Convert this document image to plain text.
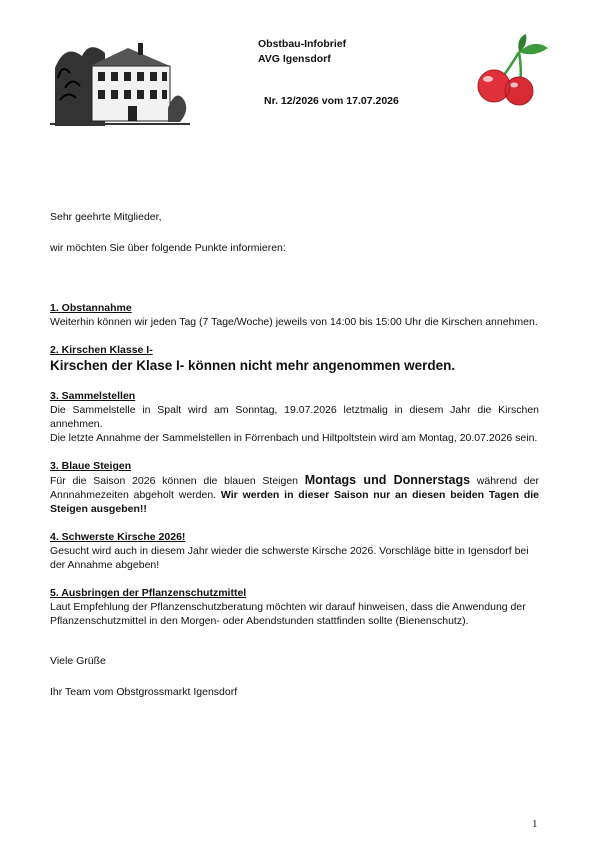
Obstbau-Infobrief
AVG Igensdorf
Nr. 12/2026 vom 17.07.2026

Sehr geehrte Mitglieder,

wir möchten Sie über folgende Punkte informieren:

1. Obstannahme

Weiterhin können wir jeden Tag (7 Tage/Woche) jeweils von 14:00 bis 15:00 Uhr die Kirschen annehmen.

2. Kirschen Klasse I-

Kirschen der Klase I- können nicht mehr angenommen werden.

3. Sammelstellen

Die Sammelstelle in Spalt wird am Sonntag, 19.07.2026 letztmalig in diesem Jahr die Kirschen annehmen.

Die letzte Annahme der Sammelstellen in Förrenbach und Hiltpoltstein wird am Montag, 20.07.2026 sein.

3. Blaue Steigen

Für die Saison 2026 können die blauen Steigen Montags und Donnerstags während der Annnahmezeiten abgeholt werden. Wir werden in dieser Saison nur an diesen beiden Tagen die Steigen ausgeben!!

4. Schwerste Kirsche 2026!

Gesucht wird auch in diesem Jahr wieder die schwerste Kirsche 2026. Vorschläge bitte in Igensdorf bei der Annahme abgeben!

5. Ausbringen der Pflanzenschutzmittel

Laut Empfehlung der Pflanzenschutzberatung möchten wir darauf hinweisen, dass die Anwendung der Pflanzenschutzmittel in den Morgen- oder Abendstunden stattfinden sollte (Bienenschutz).

Viele Grüße

Ihr Team vom Obstgrossmarkt Igensdorf

1
